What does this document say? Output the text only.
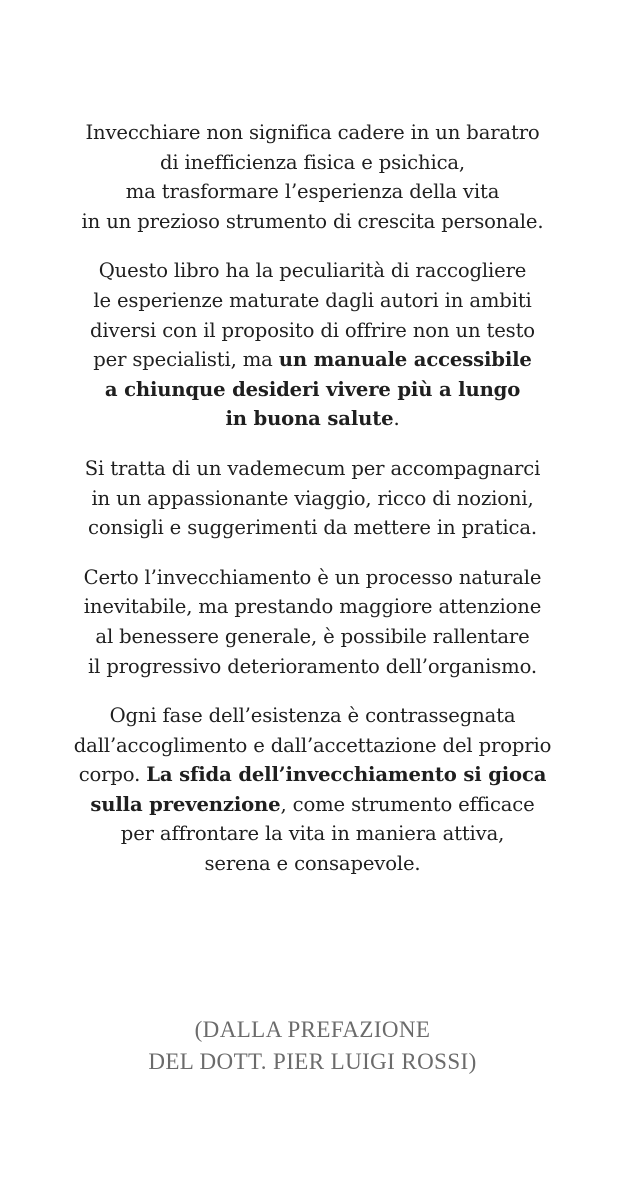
Invecchiare non significa cadere in un baratro
di inefficienza fisica e psichica,
ma trasformare l’esperienza della vita
in un prezioso strumento di crescita personale.

Questo libro ha la peculiarità di raccogliere
le esperienze maturate dagli autori in ambiti
diversi con il proposito di offrire non un testo
per specialisti, ma un manuale accessibile
a chiunque desideri vivere più a lungo
in buona salute.

Si tratta di un vademecum per accompagnarci
in un appassionante viaggio, ricco di nozioni,
consigli e suggerimenti da mettere in pratica.

Certo l’invecchiamento è un processo naturale
inevitabile, ma prestando maggiore attenzione
al benessere generale, è possibile rallentare
il progressivo deterioramento dell’organismo.

Ogni fase dell’esistenza è contrassegnata
dall’accoglimento e dall’accettazione del proprio
corpo. La sfida dell’invecchiamento si gioca
sulla prevenzione, come strumento efficace
per affrontare la vita in maniera attiva,
serena e consapevole.

(DALLA PREFAZIONE
DEL DOTT. PIER LUIGI ROSSI)
